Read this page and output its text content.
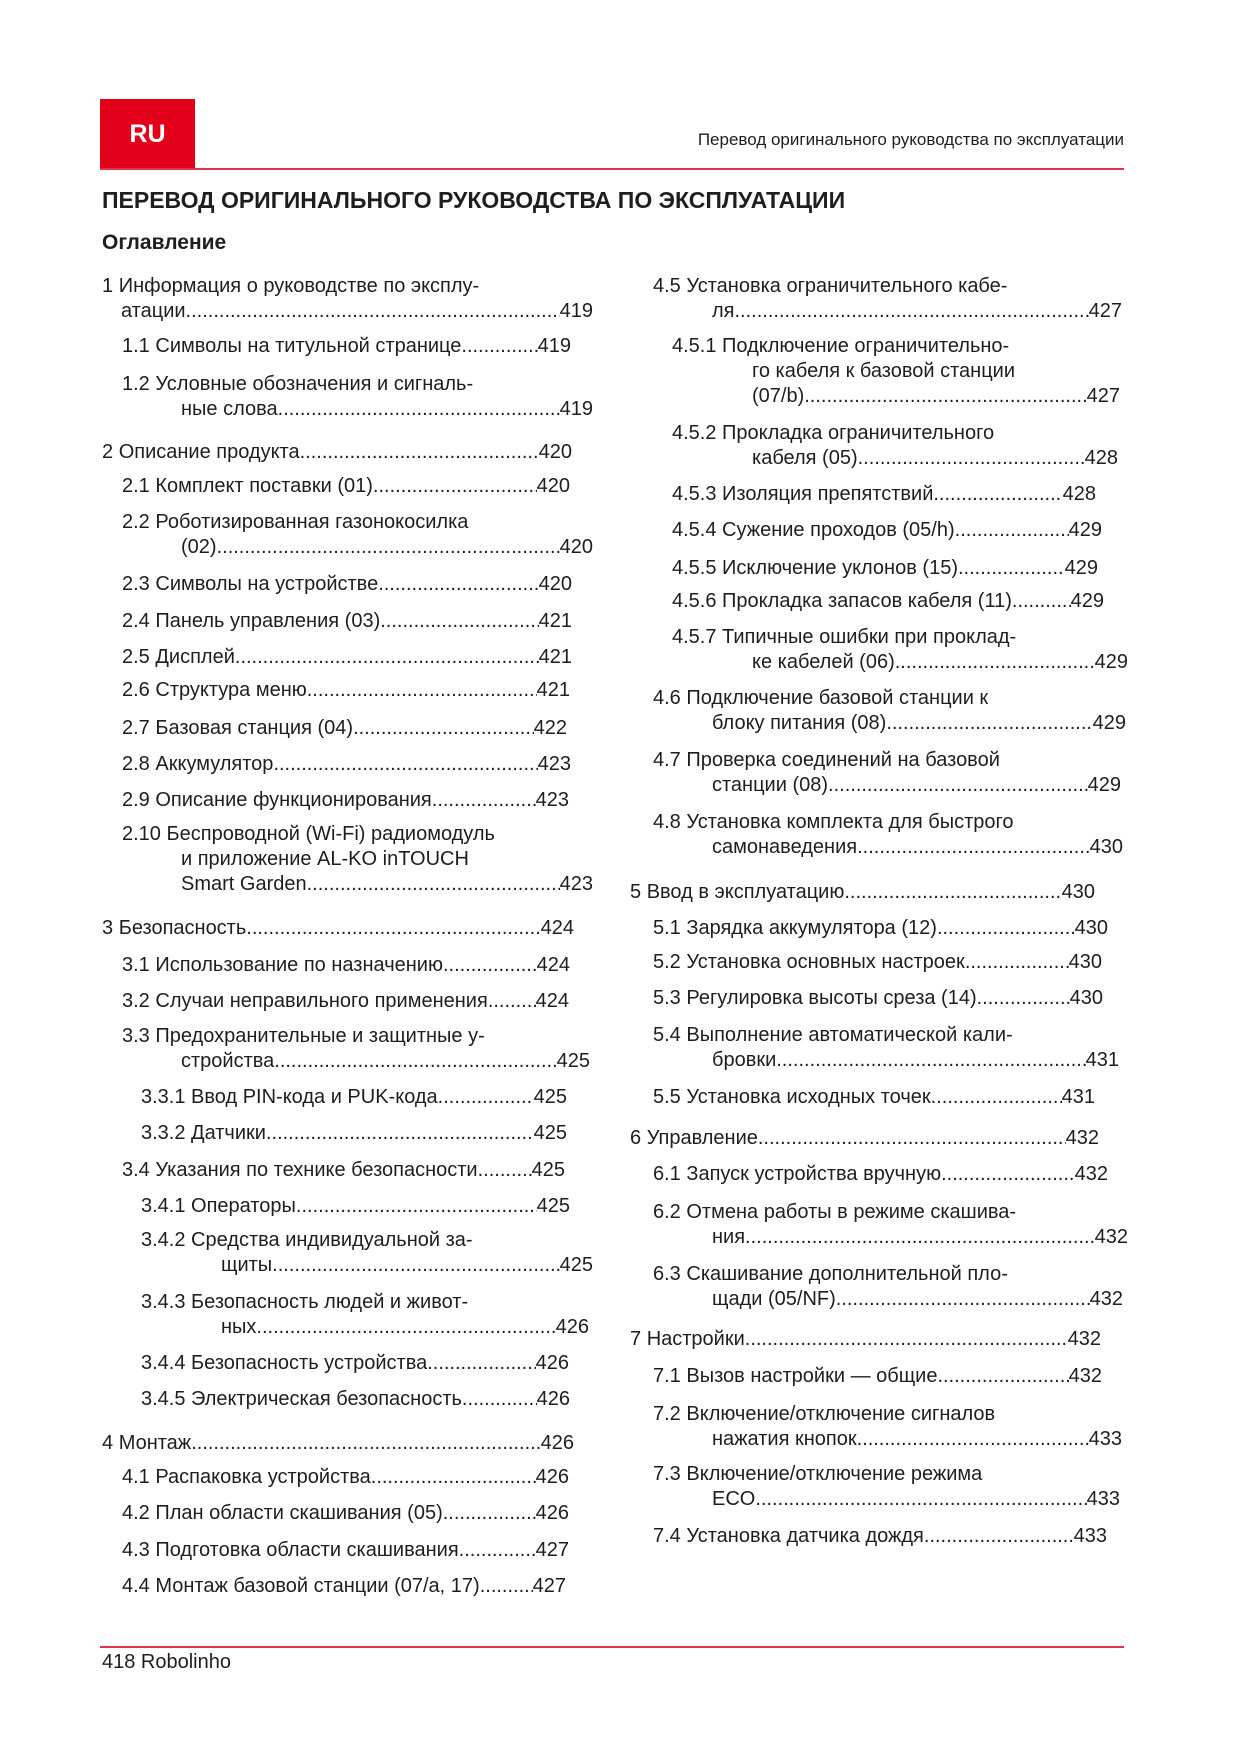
RU	Перевод оригинального руководства по эксплуатации
ПЕРЕВОД ОРИГИНАЛЬНОГО РУКОВОДСТВА ПО ЭКСПЛУАТАЦИИ
Оглавление
1 Информация о руководстве по эксплу-
атации .....	419
1.1
Символы на титульной странице .....	419
1.2 Условные обозначения и сигналь-
ные слова .....	419
2
Описание продукта .....	420
2.1
Комплект поставки (01) .....	420
2.2 Роботизированная газонокосилка
(02) .....	420
2.3
Символы на устройстве .....	420
2.4
Панель управления (03) .....	421
2.5
Дисплей .....	421
2.6
Структура меню .....	421
2.7
Базовая станция (04) .....	422
2.8
Аккумулятор .....	423
2.9
Описание функционирования .....	423
2.10 Беспроводной (Wi-Fi) радиомодуль
и приложение AL-KO inTOUCH
Smart Garden .....	423
3
Безопасность .....	424
3.1
Использование по назначению .....	424
3.2
Случаи неправильного применения ..... 424
3.3 Предохранительные и защитные у-
стройства .....	425
3.3.1
Ввод PIN-кода и PUK-кода .....	425
3.3.2
Датчики .....	425
3.4
Указания по технике безопасности .....	425
3.4.1
Операторы .....	425
3.4.2 Средства индивидуальной за-
щиты .....	425
3.4.3 Безопасность людей и живот-
ных .....	426
3.4.4
Безопасность устройства .....	426
3.4.5
Электрическая безопасность .....	426
4
Монтаж .....	426
4.1
Распаковка устройства .....	426
4.2
План области скашивания (05) .....	426
4.3
Подготовка области скашивания .....	427
4.4
Монтаж базовой станции (07/a, 17) .....	427
4.5 Установка ограничительного кабе-
ля .....	427
4.5.1 Подключение ограничительно-
го кабеля к базовой станции
(07/b) .....	427
4.5.2 Прокладка ограничительного
кабеля (05) .....	428
4.5.3
Изоляция препятствий .....	428
4.5.4
Сужение проходов (05/h) .....	429
4.5.5
Исключение уклонов (15) .....	429
4.5.6
Прокладка запасов кабеля (11) .....	429
4.5.7 Типичные ошибки при проклад-
ке кабелей (06) .....	429
4.6 Подключение базовой станции к
блоку питания (08) .....	429
4.7 Проверка соединений на базовой
станции (08) .....	429
4.8 Установка комплекта для быстрого
самонаведения .....	430
5
Ввод в эксплуатацию .....	430
5.1
Зарядка аккумулятора (12) .....	430
5.2
Установка основных настроек .....	430
5.3
Регулировка высоты среза (14) .....	430
5.4 Выполнение автоматической кали-
бровки .....	431
5.5
Установка исходных точек .....	431
6
Управление .....	432
6.1
Запуск устройства вручную .....	432
6.2 Отмена работы в режиме скашива-
ния .....	432
6.3 Скашивание дополнительной пло-
щади (05/NF) .....	432
7
Настройки .....	432
7.1
Вызов настройки — общие .....	432
7.2 Включение/отключение сигналов
нажатия кнопок .....	433
7.3 Включение/отключение режима
ECO .....	433
7.4
Установка датчика дождя .....	433
418 Robolinho
